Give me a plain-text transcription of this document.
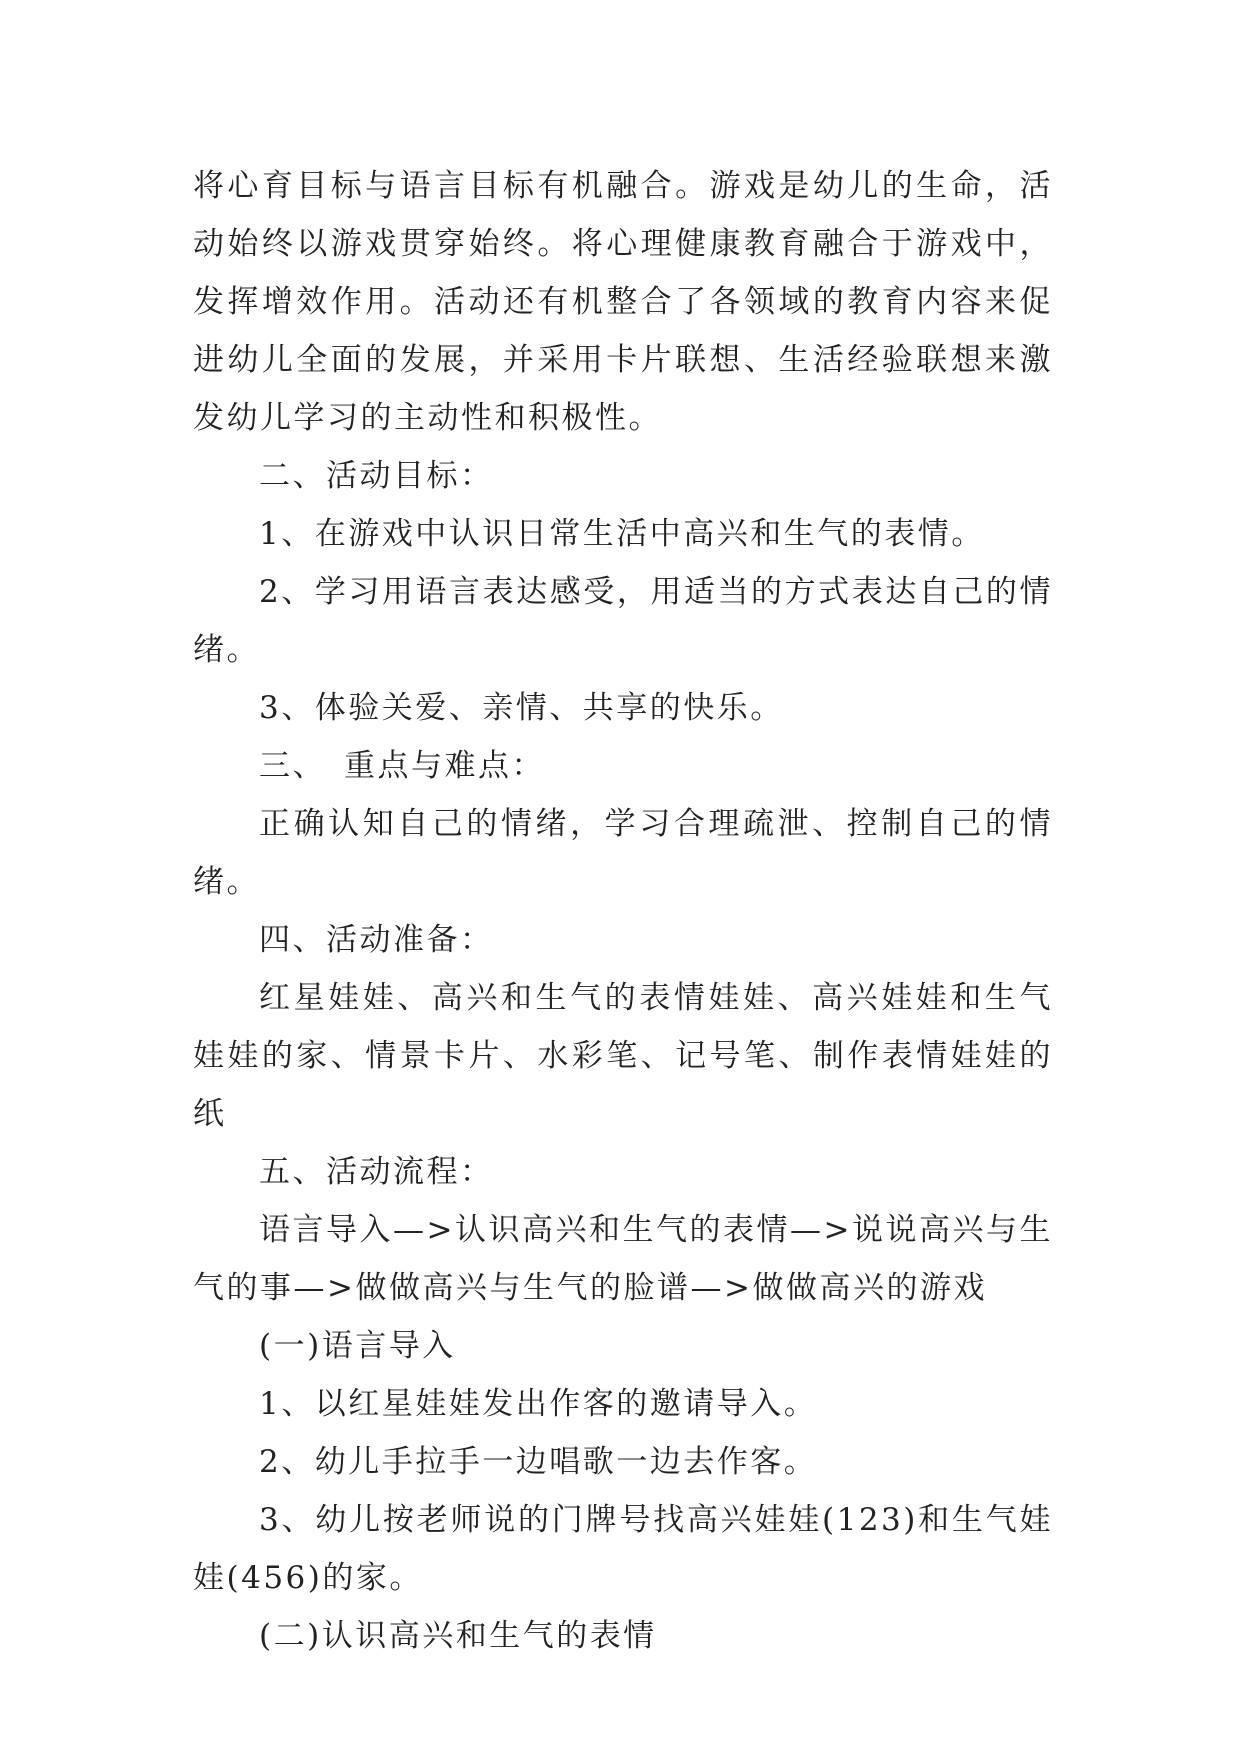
将心育目标与语言目标有机融合。游戏是幼儿的生命，活动始终以游戏贯穿始终。将心理健康教育融合于游戏中，发挥增效作用。活动还有机整合了各领域的教育内容来促进幼儿全面的发展，并采用卡片联想、生活经验联想来激发幼儿学习的主动性和积极性。

二、活动目标：

1、在游戏中认识日常生活中高兴和生气的表情。

2、学习用语言表达感受，用适当的方式表达自己的情绪。

3、体验关爱、亲情、共享的快乐。

三、　重点与难点：

正确认知自己的情绪，学习合理疏泄、控制自己的情绪。

四、活动准备：

红星娃娃、高兴和生气的表情娃娃、高兴娃娃和生气娃娃的家、情景卡片、水彩笔、记号笔、制作表情娃娃的纸

五、活动流程：

语言导入—>认识高兴和生气的表情—>说说高兴与生气的事—>做做高兴与生气的脸谱—>做做高兴的游戏

(一)语言导入

1、以红星娃娃发出作客的邀请导入。

2、幼儿手拉手一边唱歌一边去作客。

3、幼儿按老师说的门牌号找高兴娃娃(123)和生气娃娃(456)的家。

(二)认识高兴和生气的表情
